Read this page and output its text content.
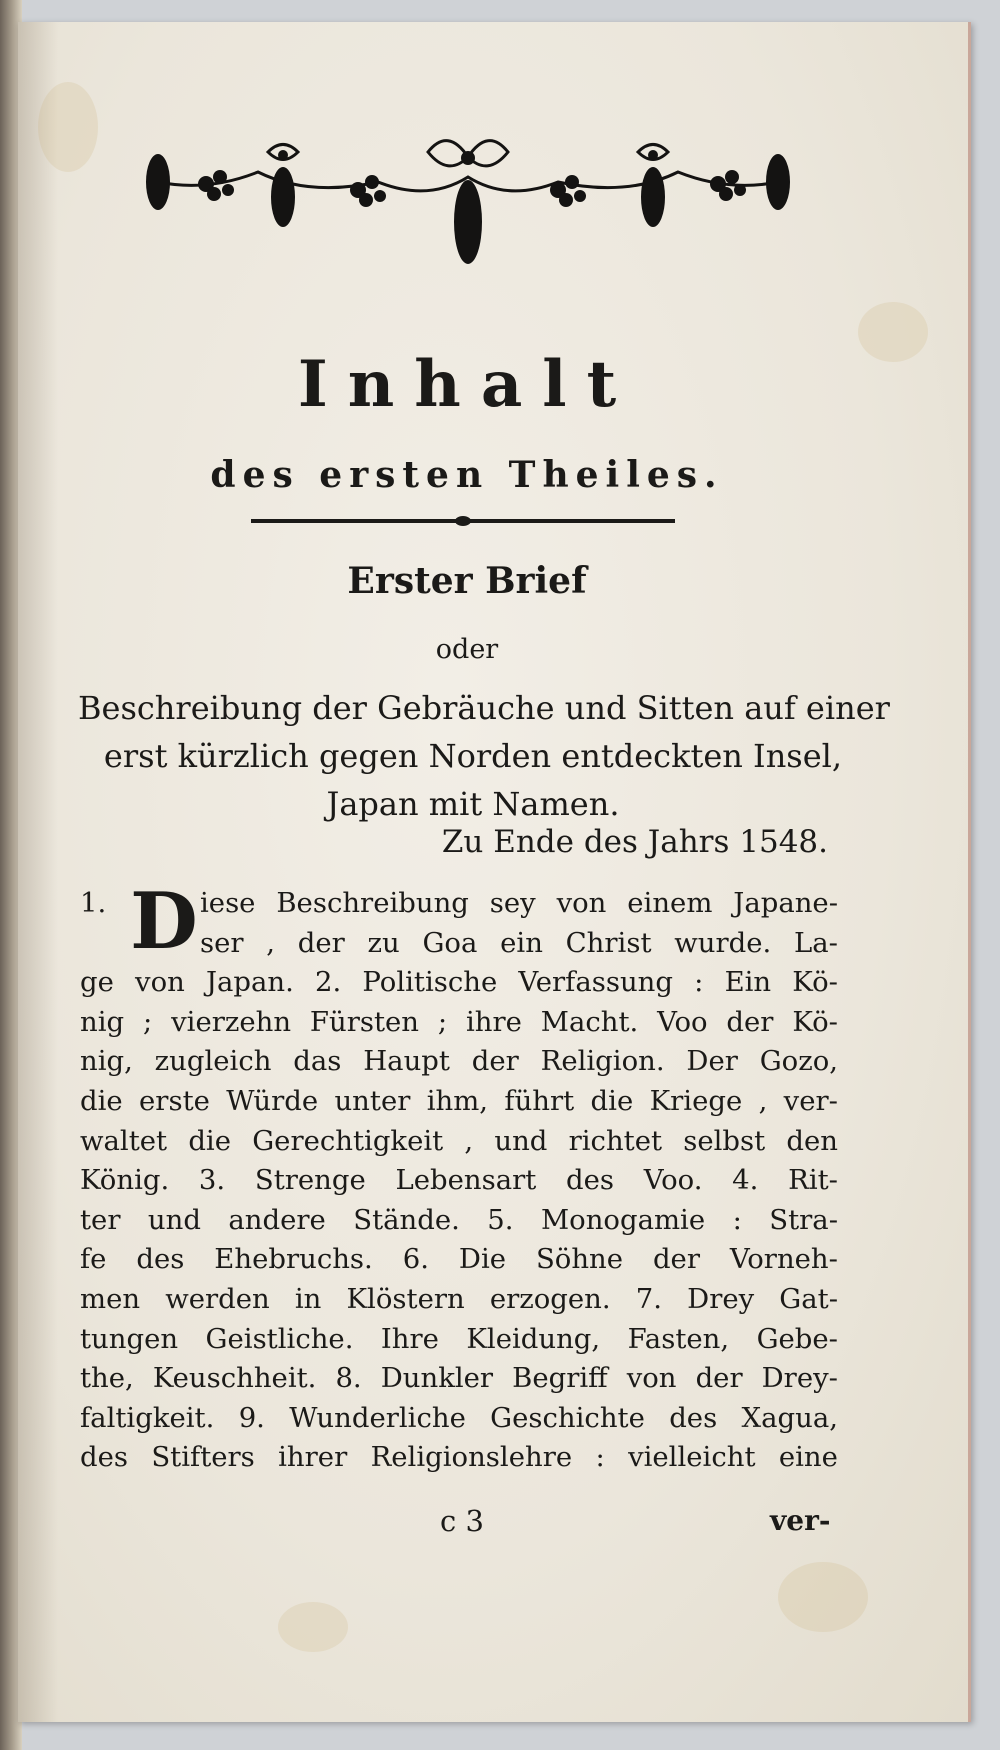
Inhalt
des ersten Theiles.
Erster Brief
oder
Beschreibung der Gebräuche und Sitten auf einer
erst kürzlich gegen Norden entdeckten Insel,
Japan mit Namen.
Zu Ende des Jahrs 1548.
D
1.	iese Beschreibung sey von einem Japane-
ser , der zu Goa ein Christ wurde. La-
ge von Japan. 2. Politische Verfassung : Ein Kö-
nig ; vierzehn Fürsten ; ihre Macht. Voo der Kö-
nig, zugleich das Haupt der Religion. Der Gozo,
die erste Würde unter ihm, führt die Kriege , ver-
waltet die Gerechtigkeit , und richtet selbst den
König. 3. Strenge Lebensart des Voo. 4. Rit-
ter und andere Stände. 5. Monogamie : Stra-
fe des Ehebruchs. 6. Die Söhne der Vorneh-
men werden in Klöstern erzogen. 7. Drey Gat-
tungen Geistliche. Ihre Kleidung, Fasten, Gebe-
the, Keuschheit. 8. Dunkler Begriff von der Drey-
faltigkeit. 9. Wunderliche Geschichte des Xagua,
des Stifters ihrer Religionslehre : vielleicht eine
c 3	ver-
